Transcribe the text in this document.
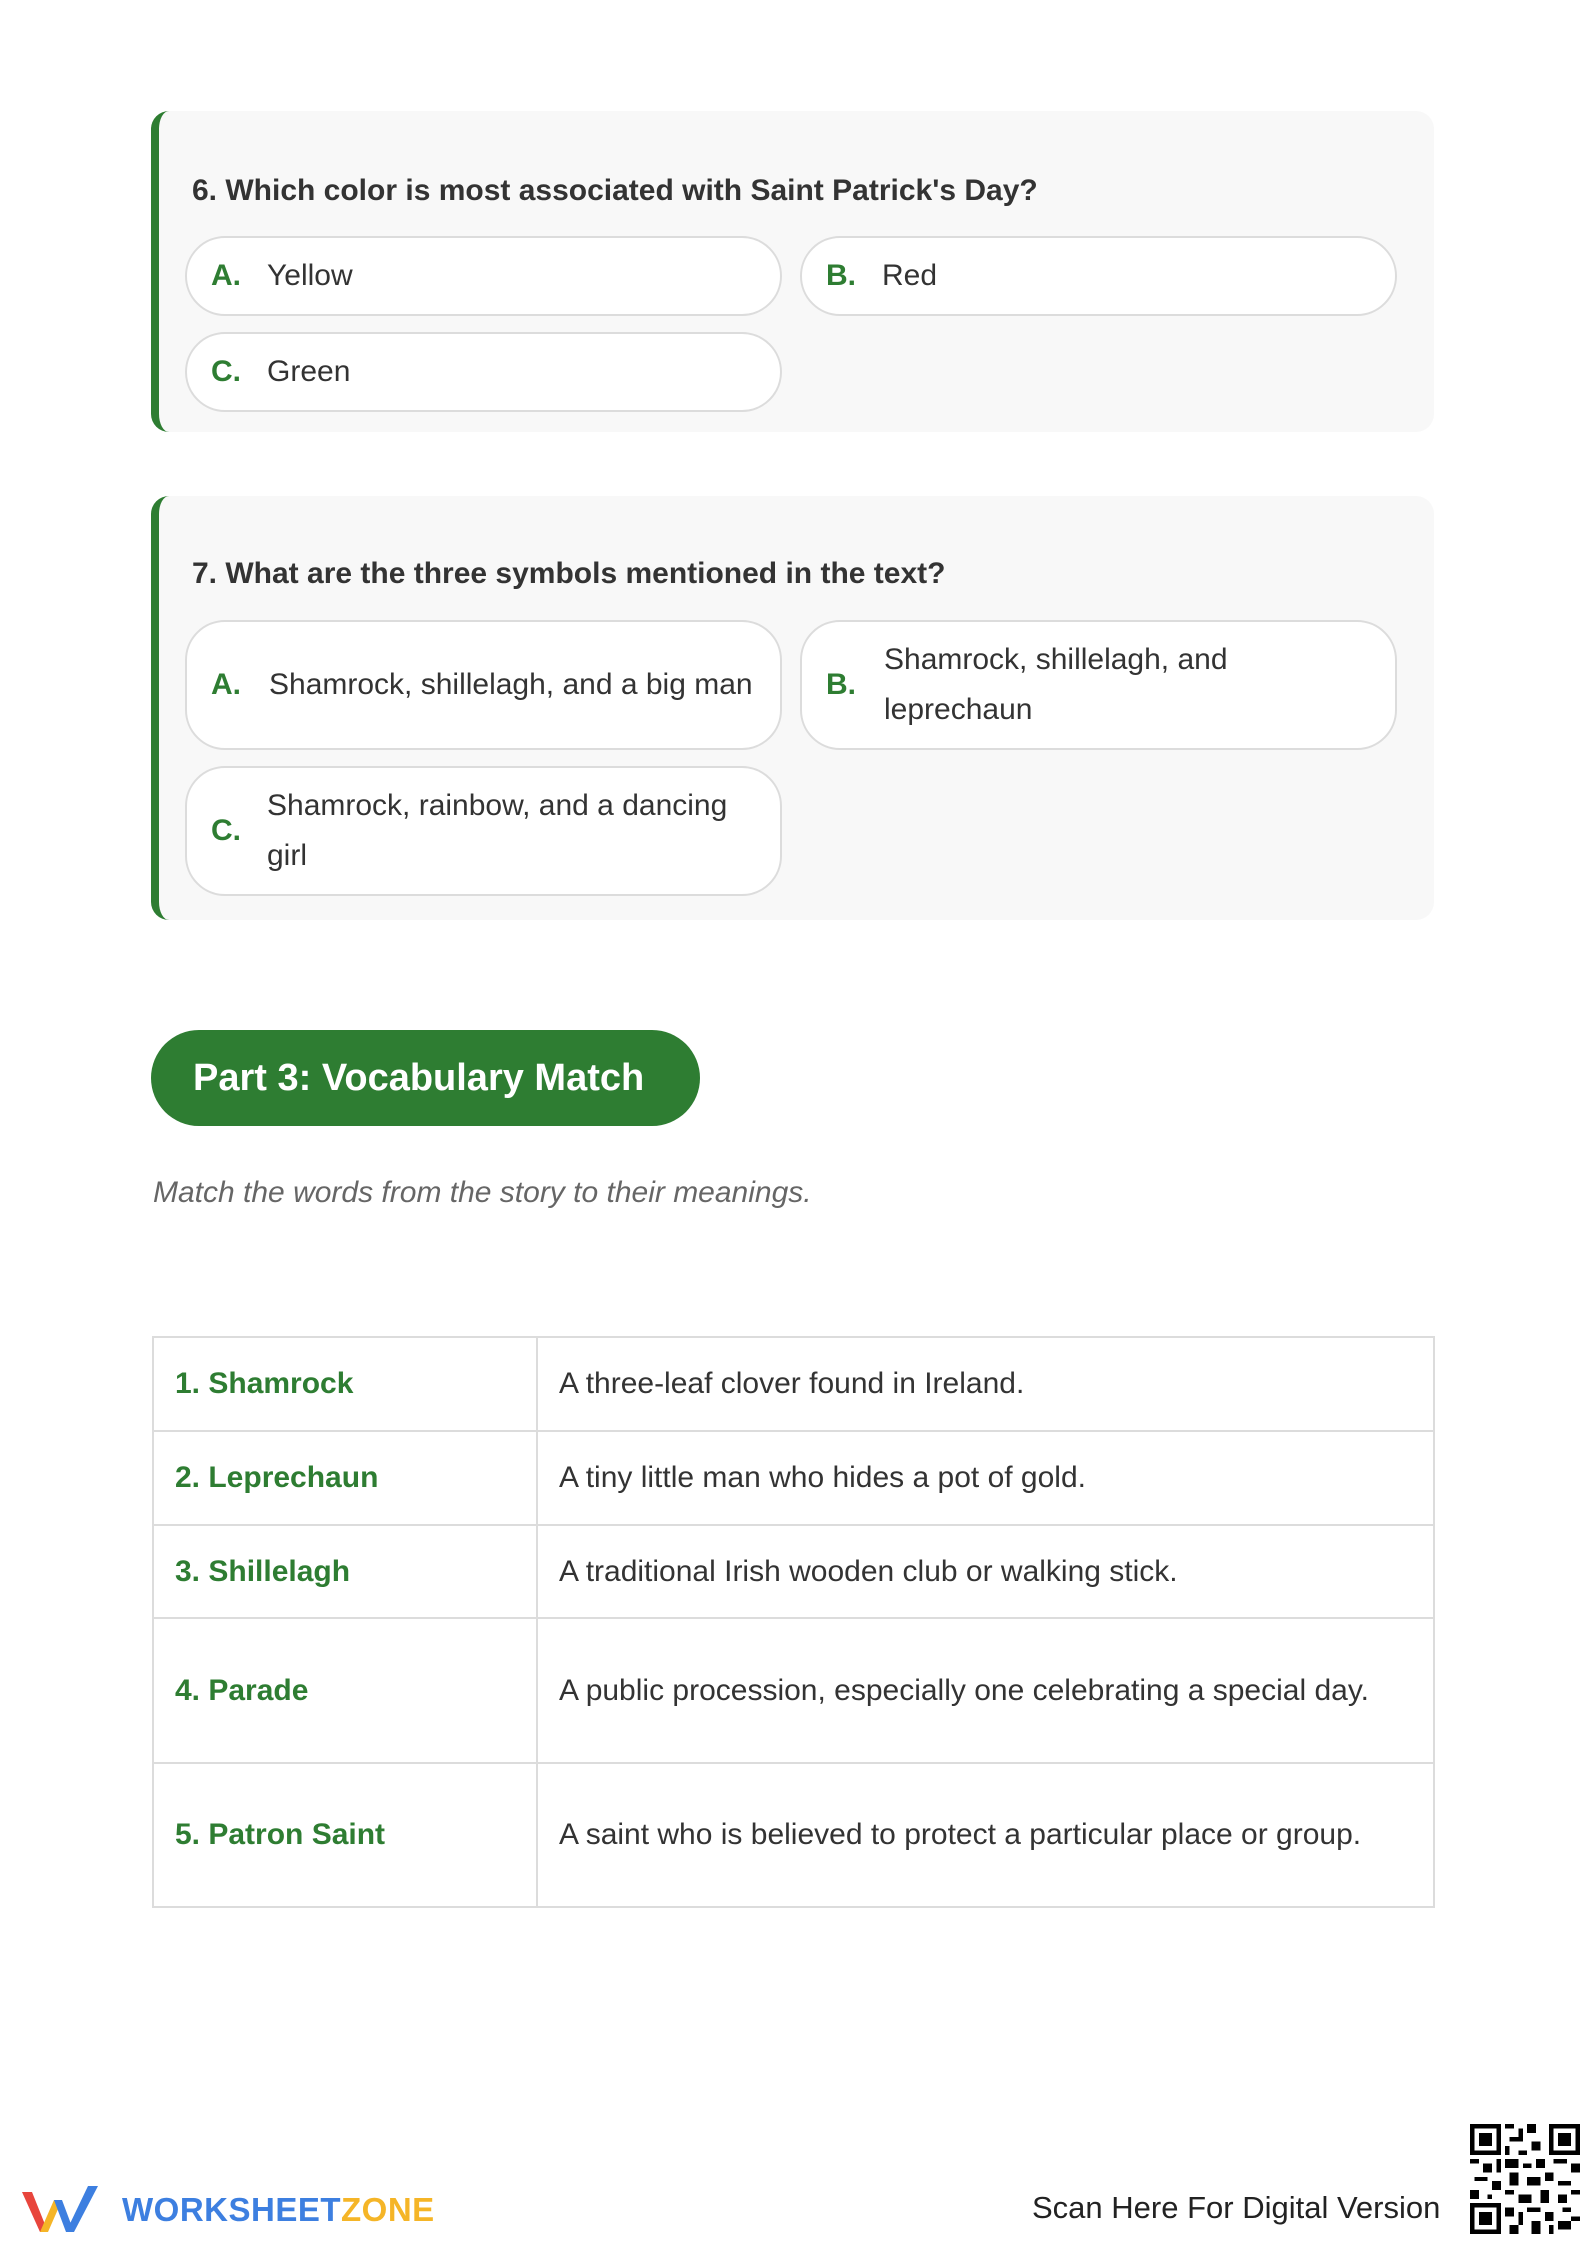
6. Which color is most associated with Saint Patrick's Day?
A. Yellow	B. Red
C. Green
7. What are the three symbols mentioned in the text?
A. Shamrock, shillelagh, and a big man B.
Shamrock, shillelagh, and leprechaun
C.
Shamrock, rainbow, and a dancing girl
Part 3: Vocabulary Match
Match the words from the story to their meanings.
1. Shamrock	A three-leaf clover found in Ireland.
2. Leprechaun	A tiny little man who hides a pot of gold.
3. Shillelagh	A traditional Irish wooden club or walking stick.
4. Parade	A public procession, especially one celebrating a special day.
5. Patron Saint	A saint who is believed to protect a particular place or group.
WORKSHEETZONE	Scan Here For Digital Version
